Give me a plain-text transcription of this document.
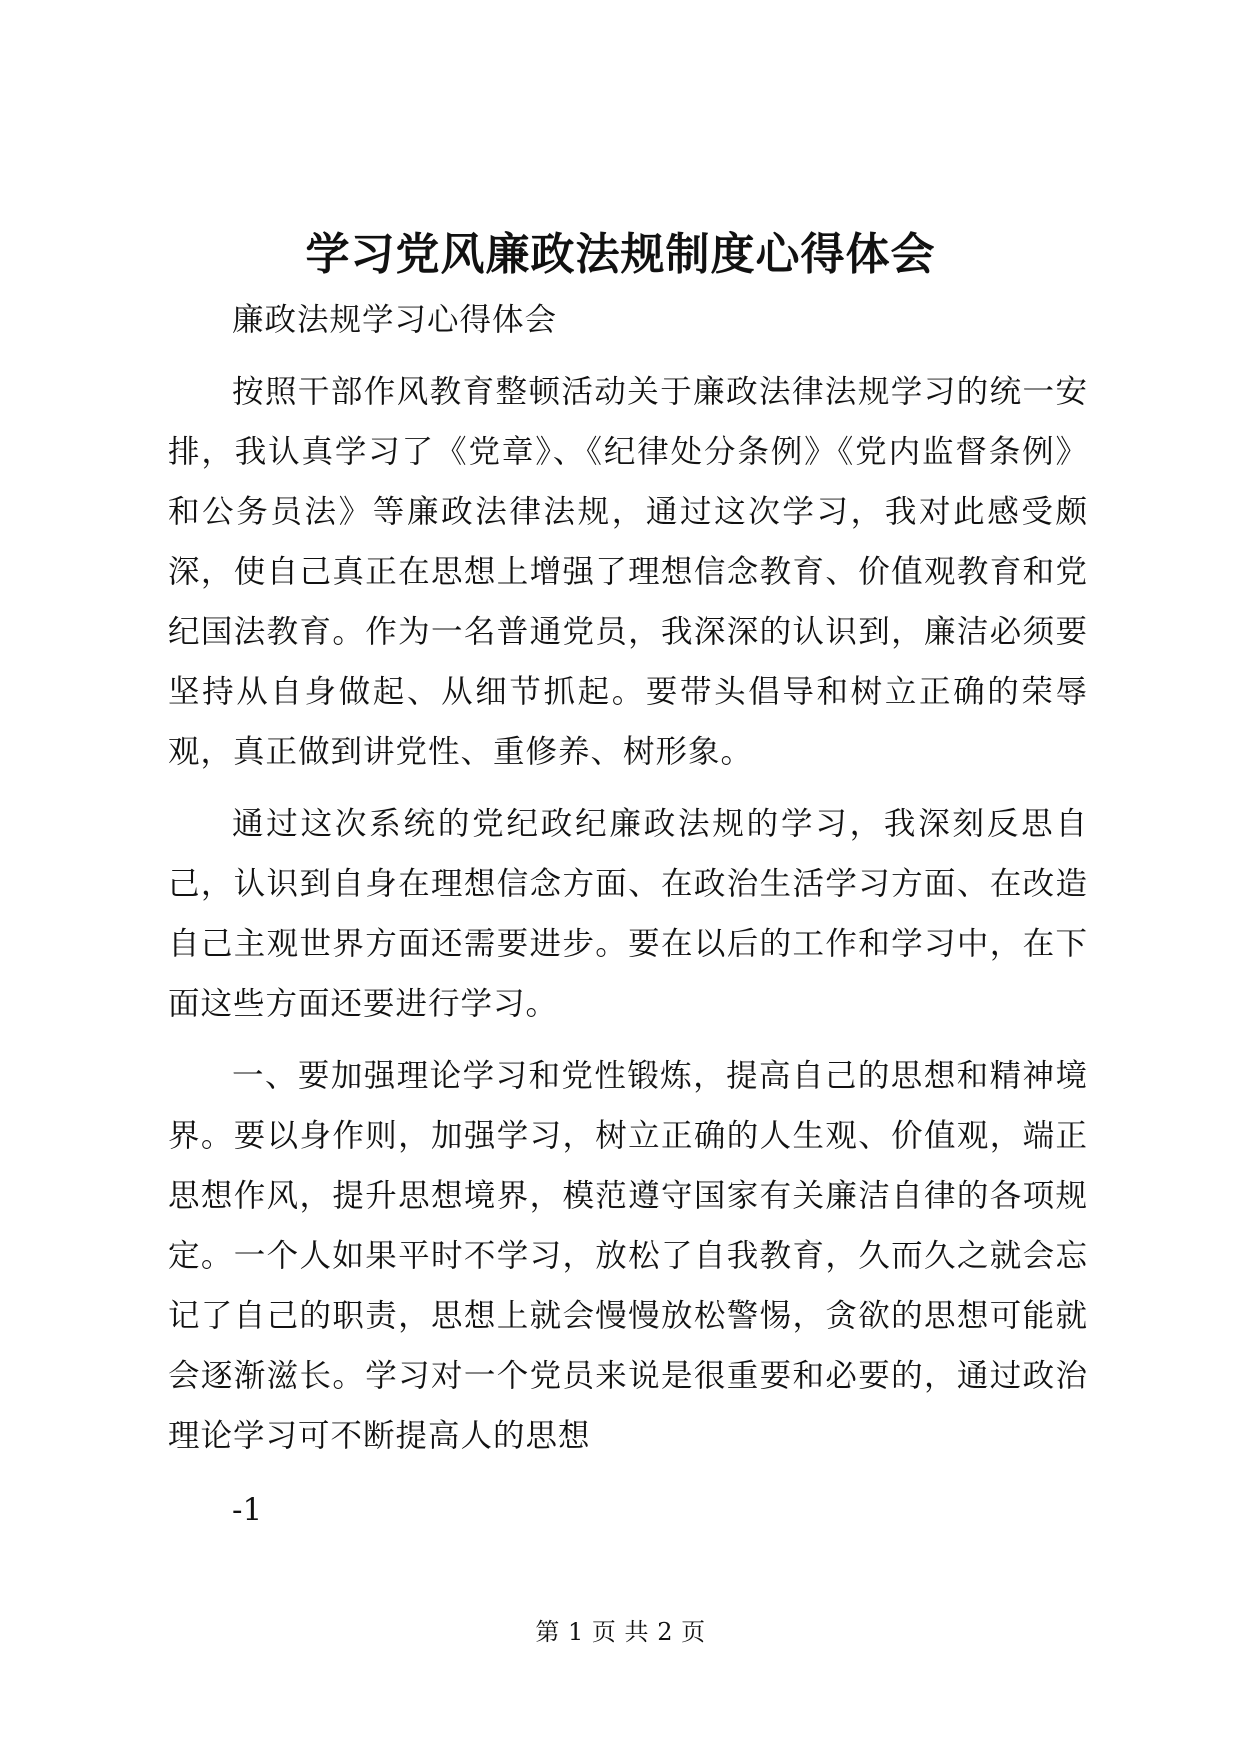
学习党风廉政法规制度心得体会

廉政法规学习心得体会

按照干部作风教育整顿活动关于廉政法律法规学习的统一安排，我认真学习了《党章》、《纪律处分条例》《党内监督条例》和公务员法》等廉政法律法规，通过这次学习，我对此感受颇深，使自己真正在思想上增强了理想信念教育、价值观教育和党纪国法教育。作为一名普通党员，我深深的认识到，廉洁必须要坚持从自身做起、从细节抓起。要带头倡导和树立正确的荣辱观，真正做到讲党性、重修养、树形象。

通过这次系统的党纪政纪廉政法规的学习，我深刻反思自己，认识到自身在理想信念方面、在政治生活学习方面、在改造自己主观世界方面还需要进步。要在以后的工作和学习中，在下面这些方面还要进行学习。

一、要加强理论学习和党性锻炼，提高自己的思想和精神境界。要以身作则，加强学习，树立正确的人生观、价值观，端正思想作风，提升思想境界，模范遵守国家有关廉洁自律的各项规定。一个人如果平时不学习，放松了自我教育，久而久之就会忘记了自己的职责，思想上就会慢慢放松警惕，贪欲的思想可能就会逐渐滋长。学习对一个党员来说是很重要和必要的，通过政治理论学习可不断提高人的思想

-1

第 1 页 共 2 页
